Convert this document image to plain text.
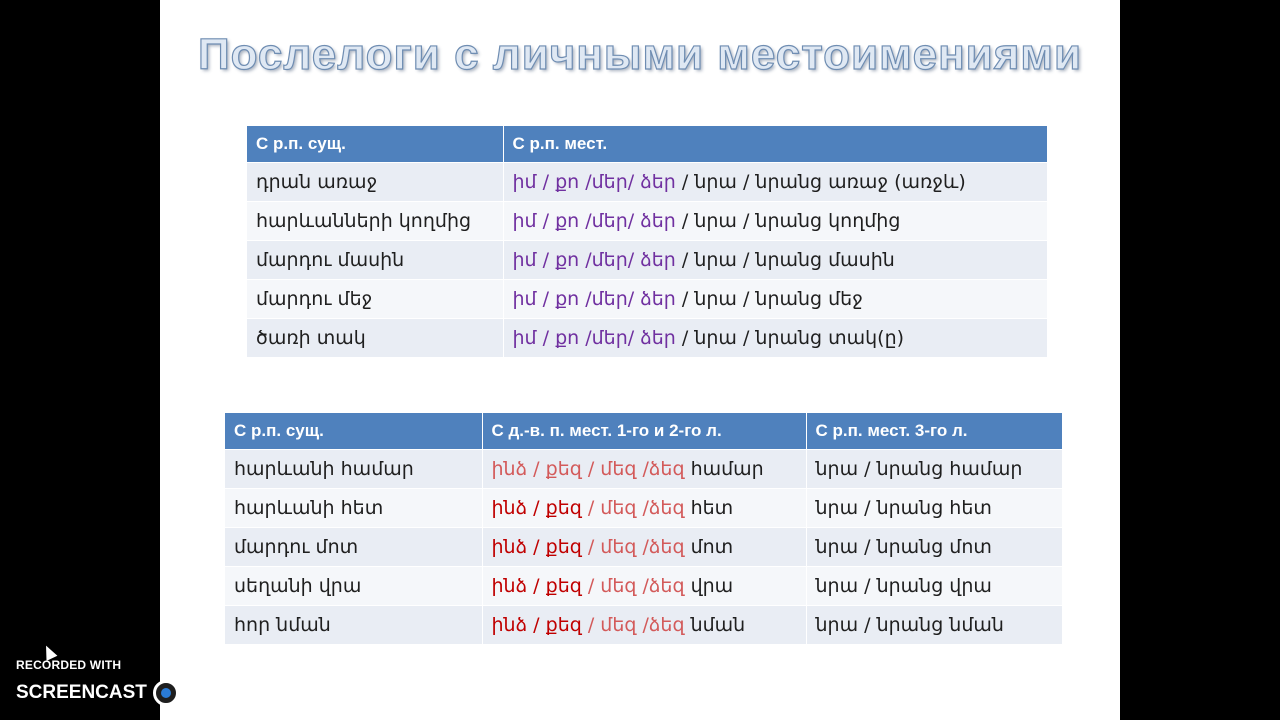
Послелоги с личными местоимениями
С р.п. сущ.	С р.п. мест.
դրան առաջ	իմ / քո /մեր/ ձեր / նրա / նրանց առաջ (առջև)
հարևանների կողմից	իմ / քո /մեր/ ձեր / նրա / նրանց կողմից
մարդու մասին	իմ / քո /մեր/ ձեր / նրա / նրանց մասին
մարդու մեջ	իմ / քո /մեր/ ձեր / նրա / նրանց մեջ
ծառի տակ	իմ / քո /մեր/ ձեր / նրա / նրանց տակ(ը)
С р.п. сущ.	С д.-в. п. мест. 1-го и 2-го л.	С р.п. мест. 3-го л.
հարևանի համար	ինձ / քեզ / մեզ /ձեզ համար	նրա / նրանց համար
հարևանի հետ	ինձ / քեզ / մեզ /ձեզ հետ	նրա / նրանց հետ
մարդու մոտ	ինձ / քեզ / մեզ /ձեզ մոտ	նրա / նրանց մոտ
սեղանի վրա	ինձ / քեզ / մեզ /ձեզ վրա	նրա / նրանց վրա
հոր նման	ինձ / քեզ / մեզ /ձեզ նման	նրա / նրանց նման
RECORDED WITH
SCREENCAST MATIC
